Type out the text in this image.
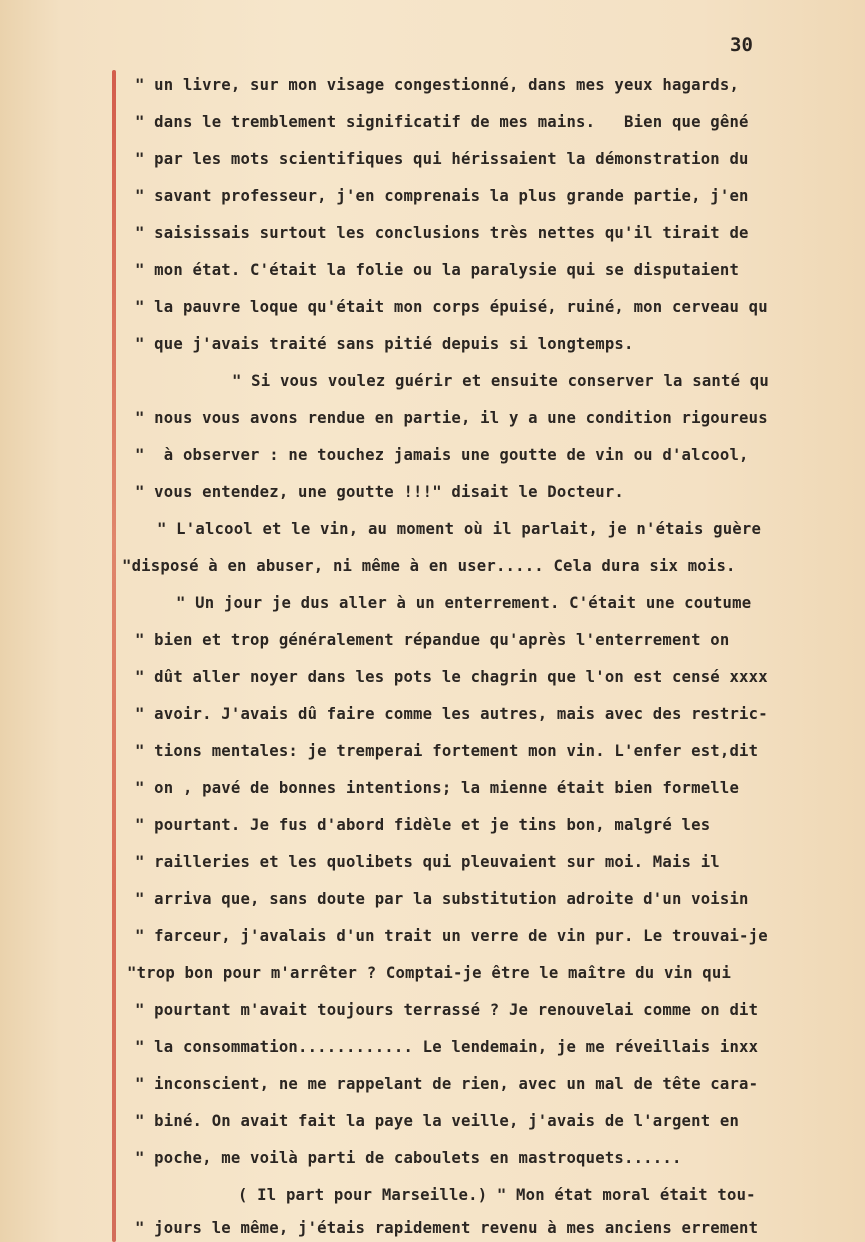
30
" un livre, sur mon visage congestionné, dans mes yeux hagards,
" dans le tremblement significatif de mes mains.   Bien que gêné
" par les mots scientifiques qui hérissaient la démonstration du
" savant professeur, j'en comprenais la plus grande partie, j'en
" saisissais surtout les conclusions très nettes qu'il tirait de
" mon état. C'était la folie ou la paralysie qui se disputaient
" la pauvre loque qu'était mon corps épuisé, ruiné, mon cerveau qu
" que j'avais traité sans pitié depuis si longtemps.
" Si vous voulez guérir et ensuite conserver la santé qu
" nous vous avons rendue en partie, il y a une condition rigoureus
"  à observer : ne touchez jamais une goutte de vin ou d'alcool,
" vous entendez, une goutte !!!" disait le Docteur.
" L'alcool et le vin, au moment où il parlait, je n'étais guère
"disposé à en abuser, ni même à en user..... Cela dura six mois.
" Un jour je dus aller à un enterrement. C'était une coutume
" bien et trop généralement répandue qu'après l'enterrement on
" dût aller noyer dans les pots le chagrin que l'on est censé xxxx
" avoir. J'avais dû faire comme les autres, mais avec des restric-
" tions mentales: je tremperai fortement mon vin. L'enfer est,dit
" on , pavé de bonnes intentions; la mienne était bien formelle
" pourtant. Je fus d'abord fidèle et je tins bon, malgré les
" railleries et les quolibets qui pleuvaient sur moi. Mais il
" arriva que, sans doute par la substitution adroite d'un voisin
" farceur, j'avalais d'un trait un verre de vin pur. Le trouvai-je
"trop bon pour m'arrêter ? Comptai-je être le maître du vin qui
" pourtant m'avait toujours terrassé ? Je renouvelai comme on dit
" la consommation............ Le lendemain, je me réveillais inxx
" inconscient, ne me rappelant de rien, avec un mal de tête cara-
" biné. On avait fait la paye la veille, j'avais de l'argent en
" poche, me voilà parti de caboulets en mastroquets......
( Il part pour Marseille.) " Mon état moral était tou-
" jours le même, j'étais rapidement revenu à mes anciens errement
